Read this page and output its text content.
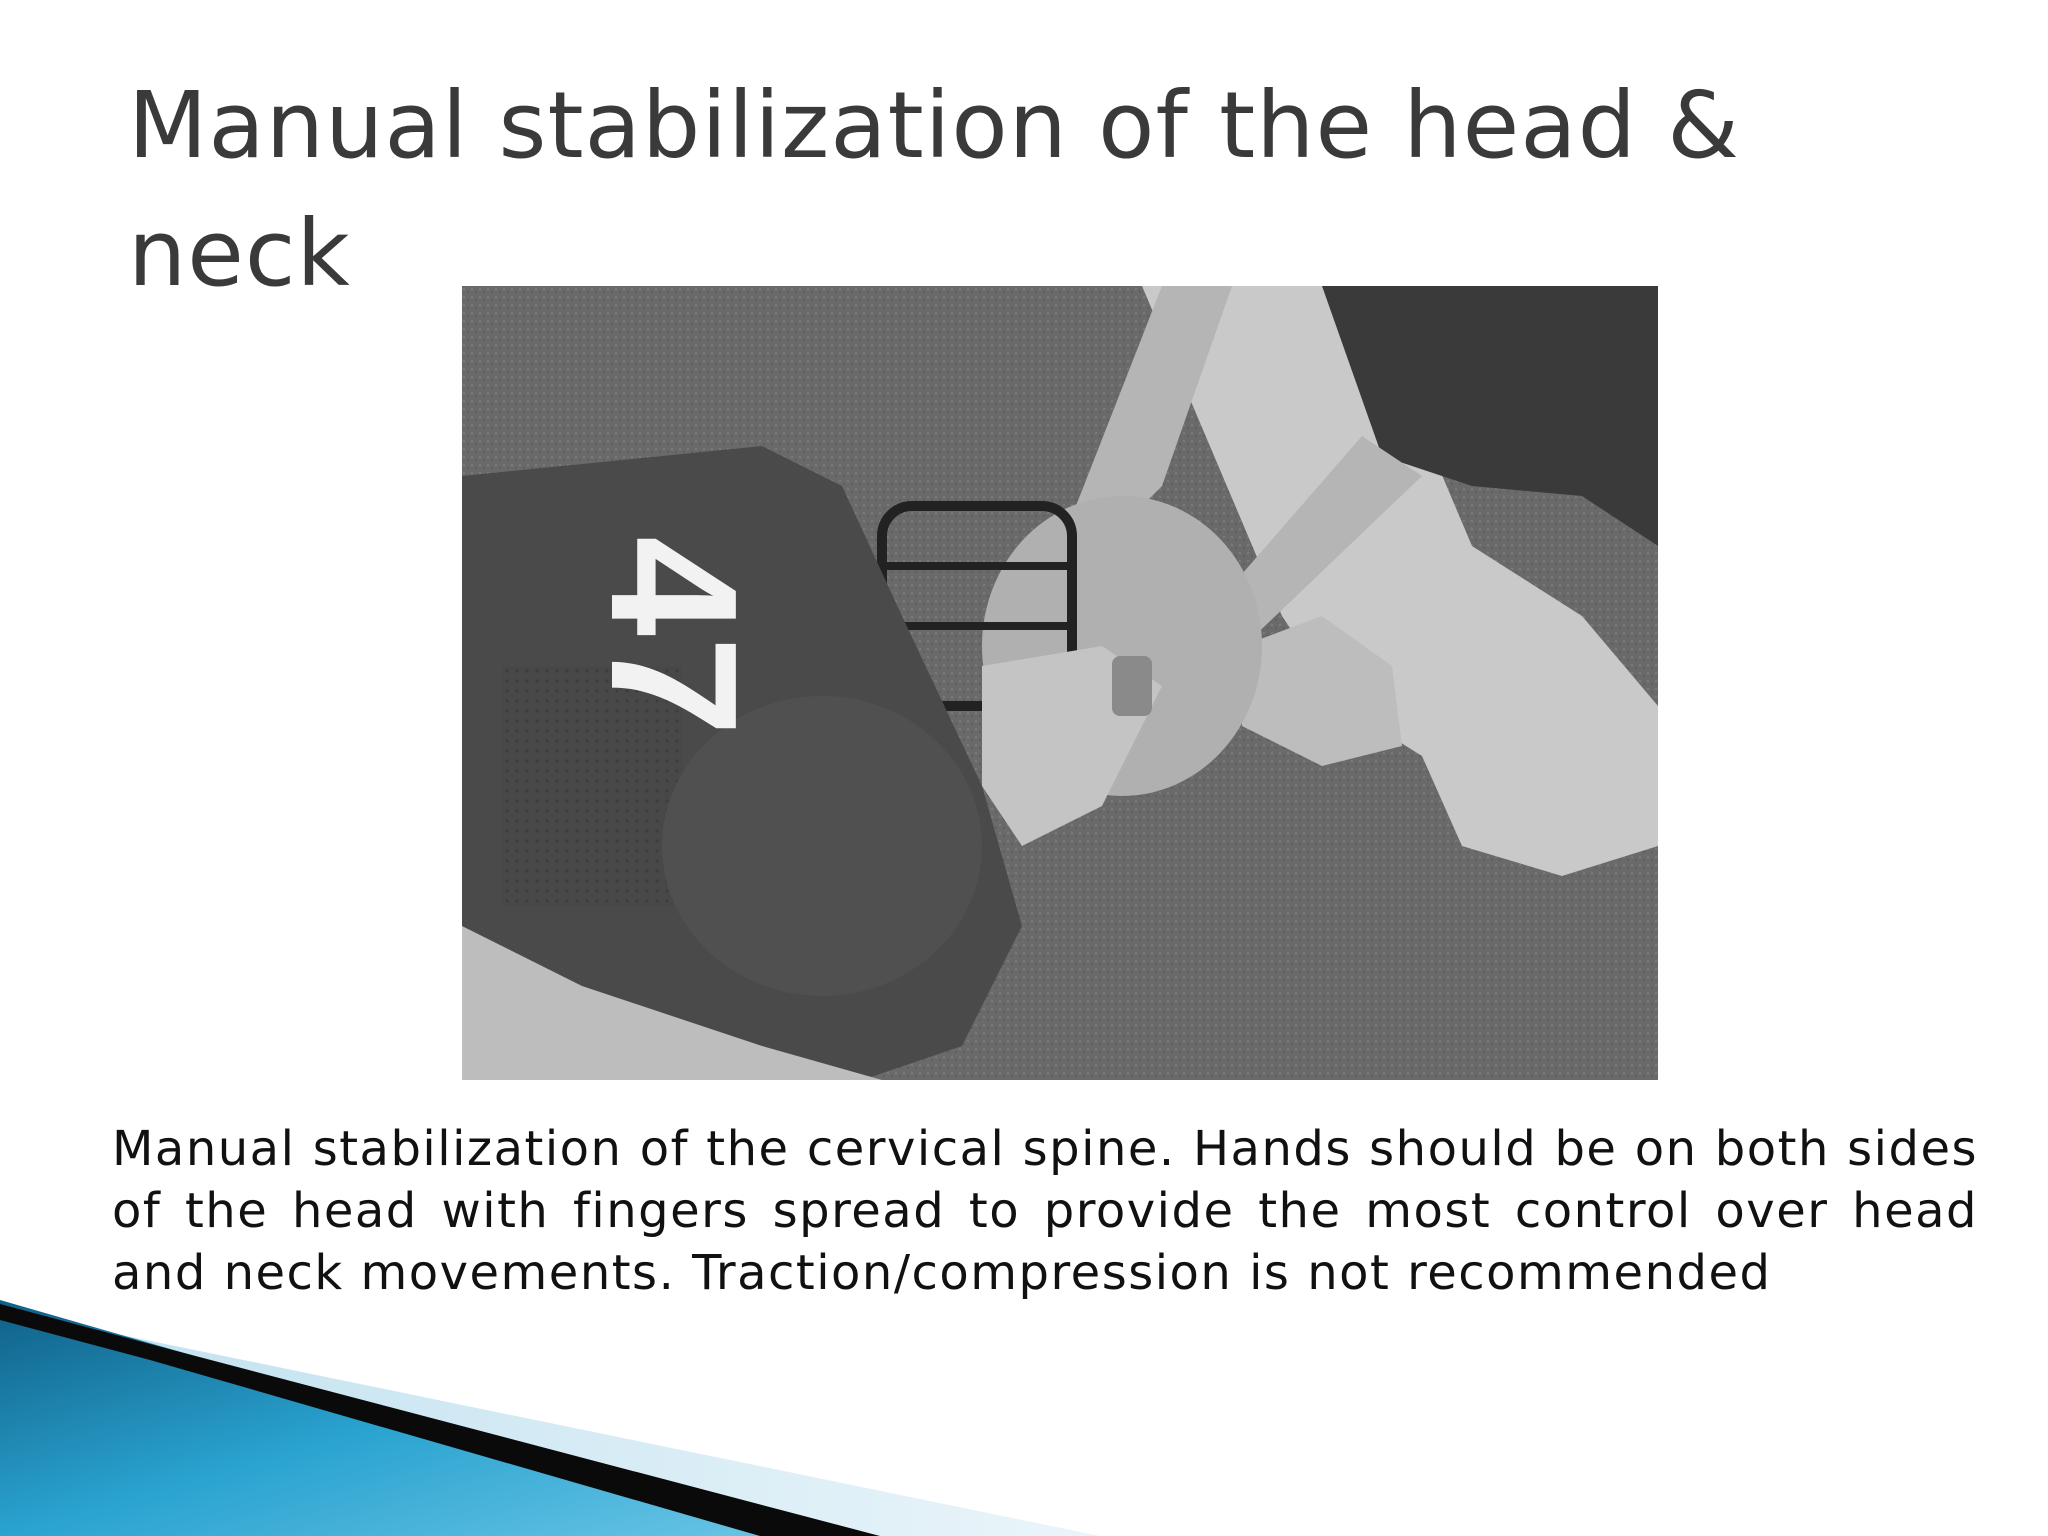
Manual stabilization of the head & neck
47

Manual stabilization of the cervical spine. Hands should be on both sides of the head with fingers spread to provide the most control over head and neck movements. Traction/compression is not recommended
